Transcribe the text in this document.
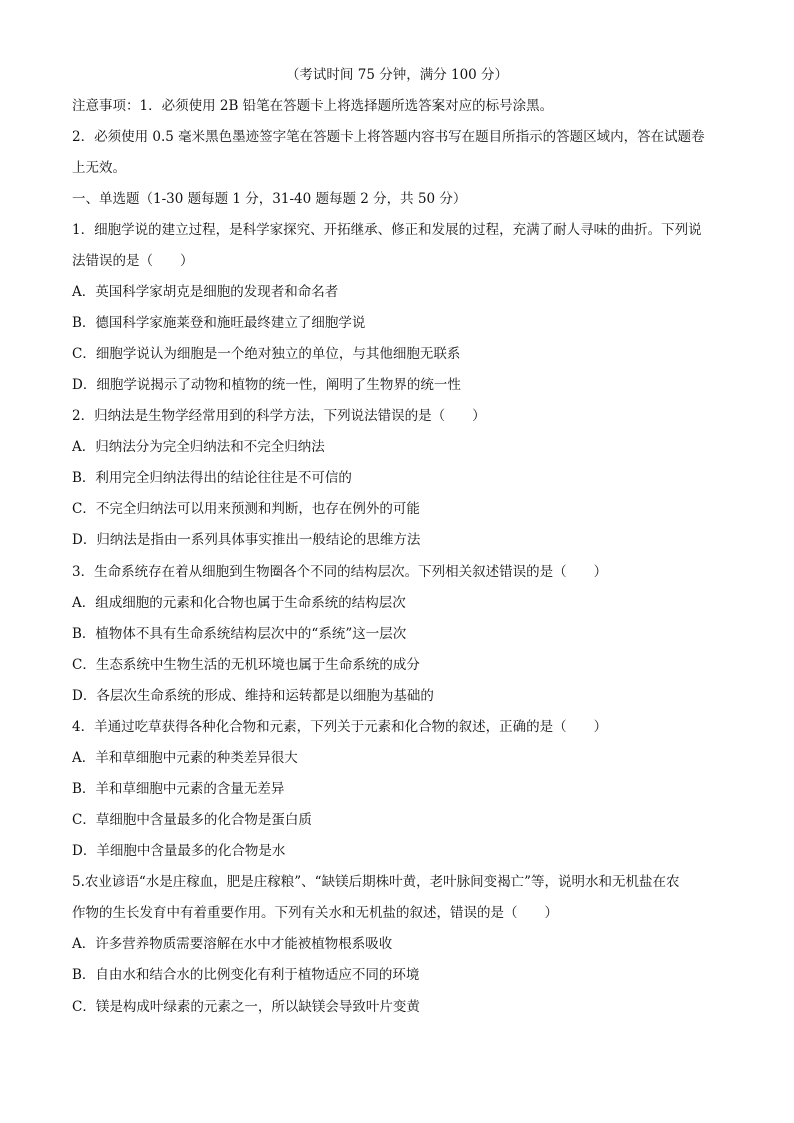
（考试时间 75 分钟，满分 100 分）
注意事项：1．必须使用 2B 铅笔在答题卡上将选择题所选答案对应的标号涂黑。
2．必须使用 0.5 毫米黑色墨迹签字笔在答题卡上将答题内容书写在题目所指示的答题区域内，答在试题卷
上无效。
一、单选题（1-30 题每题 1 分，31-40 题每题 2 分，共 50 分）
1．细胞学说的建立过程，是科学家探究、开拓继承、修正和发展的过程，充满了耐人寻味的曲折。下列说
法错误的是（　　）
A．英国科学家胡克是细胞的发现者和命名者
B．德国科学家施莱登和施旺最终建立了细胞学说
C．细胞学说认为细胞是一个绝对独立的单位，与其他细胞无联系
D．细胞学说揭示了动物和植物的统一性，阐明了生物界的统一性
2．归纳法是生物学经常用到的科学方法，下列说法错误的是（　　）
A．归纳法分为完全归纳法和不完全归纳法
B．利用完全归纳法得出的结论往往是不可信的
C．不完全归纳法可以用来预测和判断，也存在例外的可能
D．归纳法是指由一系列具体事实推出一般结论的思维方法
3．生命系统存在着从细胞到生物圈各个不同的结构层次。下列相关叙述错误的是（　　）
A．组成细胞的元素和化合物也属于生命系统的结构层次
B．植物体不具有生命系统结构层次中的“系统”这一层次
C．生态系统中生物生活的无机环境也属于生命系统的成分
D．各层次生命系统的形成、维持和运转都是以细胞为基础的
4．羊通过吃草获得各种化合物和元素，下列关于元素和化合物的叙述，正确的是（　　）
A．羊和草细胞中元素的种类差异很大
B．羊和草细胞中元素的含量无差异
C．草细胞中含量最多的化合物是蛋白质
D．羊细胞中含量最多的化合物是水
5.农业谚语“水是庄稼血，肥是庄稼粮”、“缺镁后期株叶黄，老叶脉间变褐亡”等，说明水和无机盐在农
作物的生长发育中有着重要作用。下列有关水和无机盐的叙述，错误的是（　　）
A．许多营养物质需要溶解在水中才能被植物根系吸收
B．自由水和结合水的比例变化有利于植物适应不同的环境
C．镁是构成叶绿素的元素之一，所以缺镁会导致叶片变黄
